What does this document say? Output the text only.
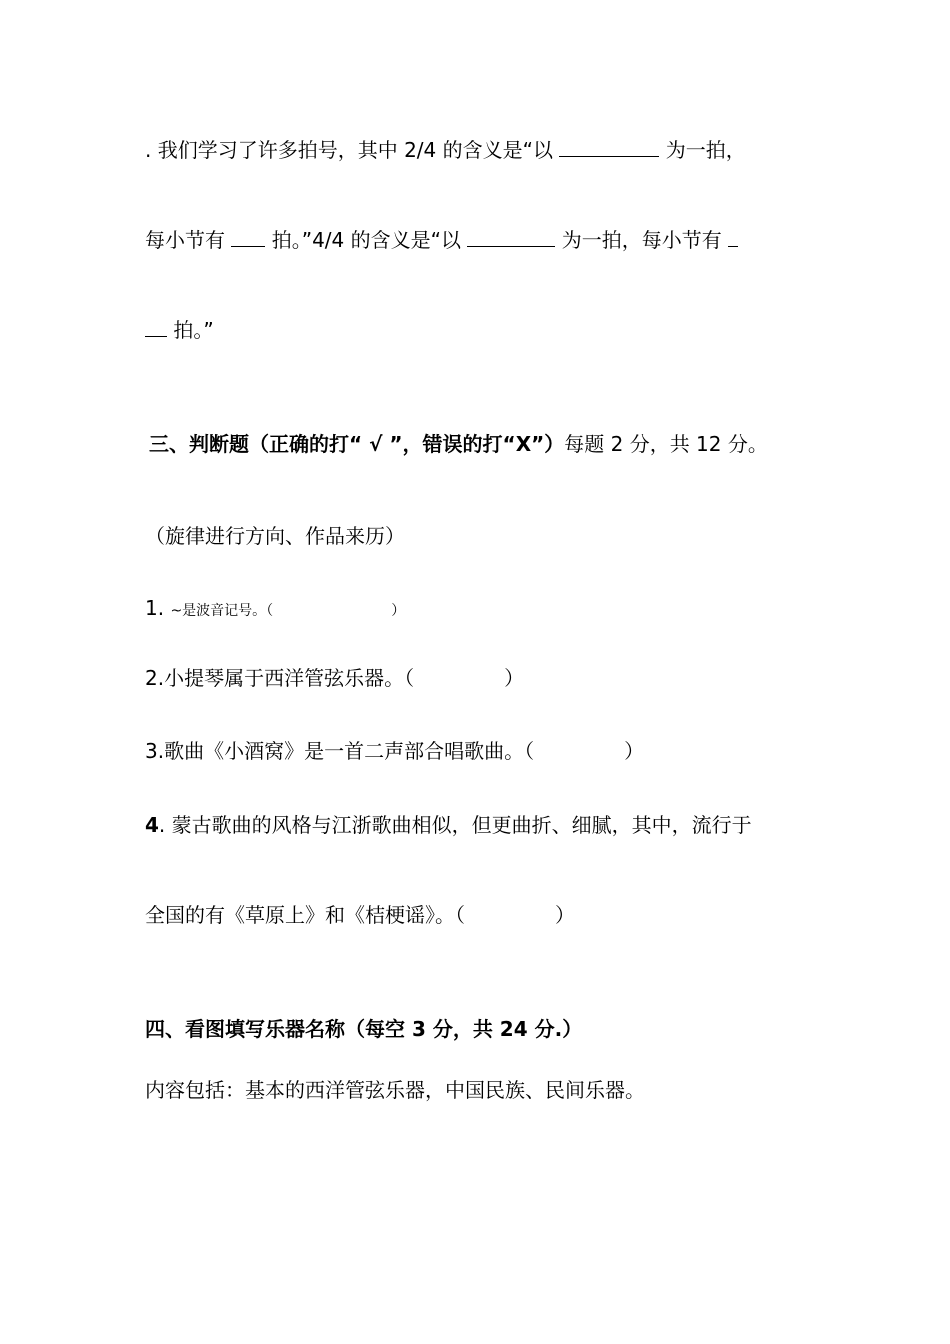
. 我们学习了许多拍号，其中 2/4 的含义是“以	为一拍，
每小节有 拍。”4/4 的含义是“以	为一拍，每小节有
拍。”
三、判断题（正确的打“ √ ”，错误的打“X”）每题 2 分，共 12 分。
（旋律进行方向、作品来历）
1. ~是波音记号。（	）
2.小提琴属于西洋管弦乐器。（	）
3.歌曲《小酒窝》是一首二声部合唱歌曲。（	）
4. 蒙古歌曲的风格与江浙歌曲相似，但更曲折、细腻，其中，流行于
全国的有《草原上》和《桔梗谣》。（	）
四、看图填写乐器名称（每空 3 分，共 24 分.）
内容包括：基本的西洋管弦乐器，中国民族、民间乐器。
